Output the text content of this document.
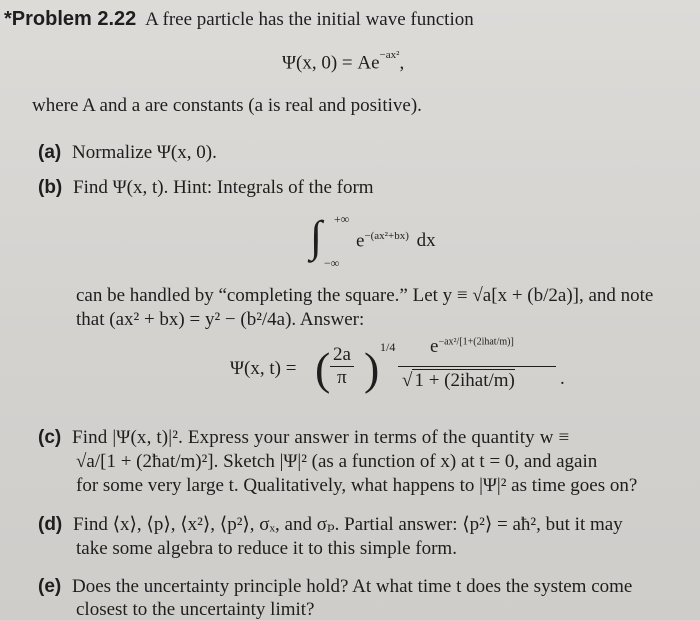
*Problem 2.22 A free particle has the initial wave function
Ψ(x, $0) = Ae^{-ax^2}$,
where A and a are constants (a is real and positive).
(a) Normalize Ψ(x, 0).
(b) Find Ψ(x, t). Hint: Integrals of the form
∫ +∞
−∞
$e^{-(ax^2+bx)}$ dx
can be handled by “completing the square.” Let y ≡ √a[x + (b/2a)], and note
that (ax² + bx) = y² − (b²/4a). Answer:
Ψ(x, t) = ( $\frac{2a}{\pi}$ ) 1/4 $e^{-ax^2/[1+(2ihat/m)]}$
√ 1 + (2ihat/m) .
(c) Find |Ψ(x, t)|². Express your answer in terms of the quantity w ≡
√a/[1 + (2ħat/m)²]. Sketch |Ψ|² (as a function of x) at t = 0, and again
for some very large t. Qualitatively, what happens to |Ψ|² as time goes on?
(d) Find ⟨x⟩, ⟨p⟩, ⟨x²⟩, ⟨p²⟩, σₓ, and σₚ. Partial answer: ⟨p²⟩ = aħ², but it may
take some algebra to reduce it to this simple form.
(e) Does the uncertainty principle hold? At what time t does the system come
closest to the uncertainty limit?
